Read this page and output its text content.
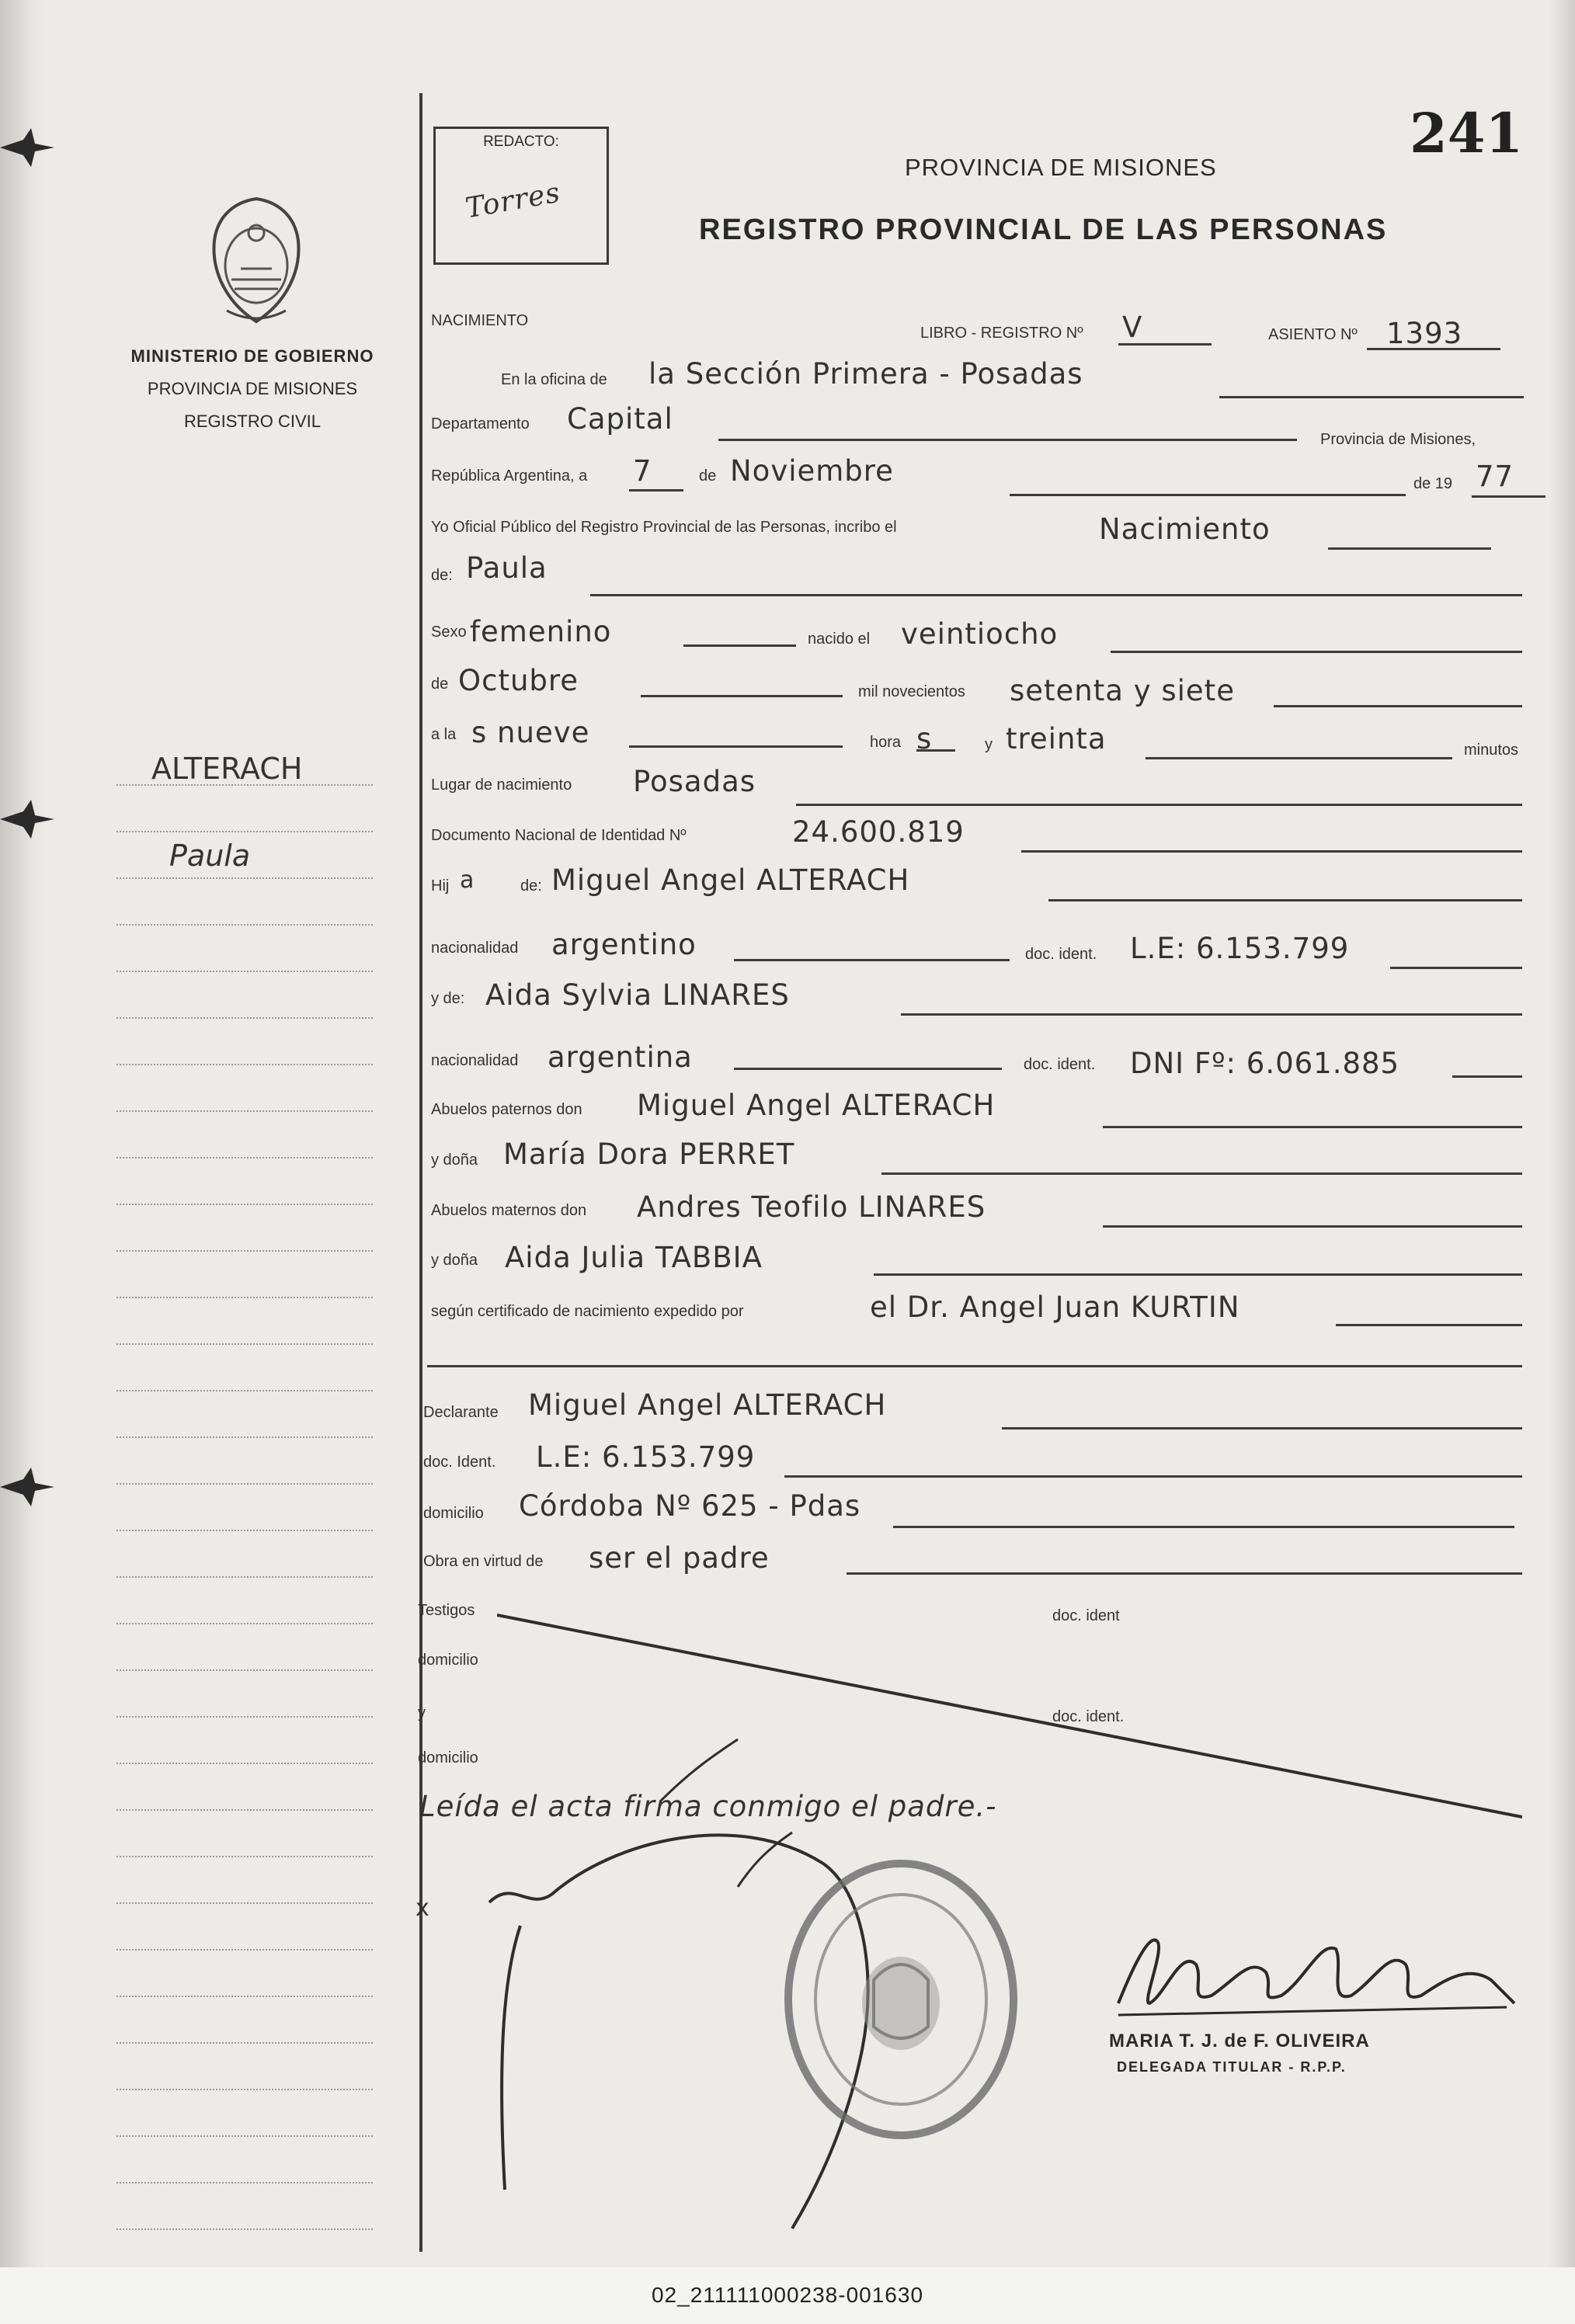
MINISTERIO DE GOBIERNO
PROVINCIA DE MISIONES
REGISTRO CIVIL
REDACTO:
Torres
241
PROVINCIA DE MISIONES
REGISTRO PROVINCIAL DE LAS PERSONAS
ALTERACH
Paula
NACIMIENTO
LIBRO - REGISTRO Nº V	ASIENTO Nº 1393
En la oficina de la Sección Primera - Posadas
Departamento Capital
Provincia de Misiones,
República Argentina, a 7	de Noviembre	de 19 77
Yo Oficial Público del Registro Provincial de las Personas, incribo el	Nacimiento
de: Paula
Sexo femenino	nacido el veintiocho
de Octubre	mil novecientos setenta y siete
a la s nueve	hora s	y treinta	minutos
Lugar de nacimiento Posadas
Documento Nacional de Identidad Nº	24.600.819
Hij a	de: Miguel Angel ALTERACH
nacionalidad argentino	doc. ident. L.E: 6.153.799
y de: Aida Sylvia LINARES
nacionalidad argentina	doc. ident. DNI Fº: 6.061.885
Abuelos paternos don Miguel Angel ALTERACH
y doña María Dora PERRET
Abuelos maternos don Andres Teofilo LINARES
y doña Aida Julia TABBIA
según certificado de nacimiento expedido por	el Dr. Angel Juan KURTIN
Declarante Miguel Angel ALTERACH
doc. Ident. L.E: 6.153.799
domicilio Córdoba Nº 625 - Pdas
Obra en virtud de ser el padre
Testigos	doc. ident
domicilio
y	doc. ident.
domicilio
Leída el acta firma conmigo el padre.-
x
MARIA T. J. de F. OLIVEIRA
DELEGADA TITULAR - R.P.P.
02_211111000238-001630
